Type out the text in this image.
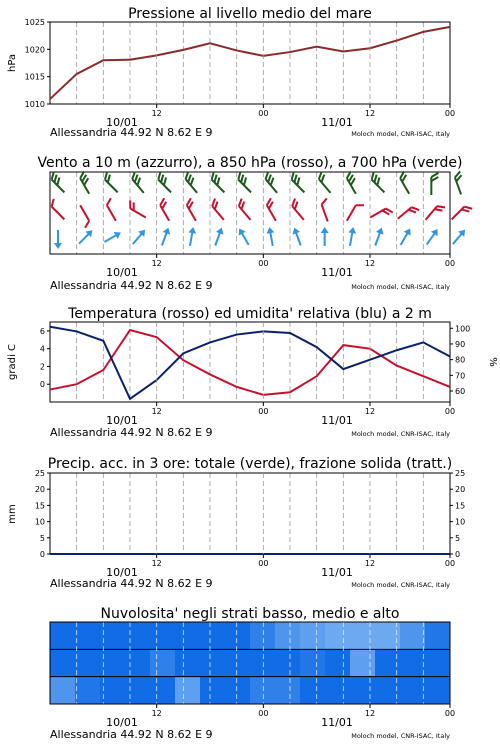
Pressione al livello medio del mare
hPa
Allessandria 44.92 N 8.62 E 9	Moloch model, CNR-ISAC, Italy
Vento a 10 m (azzurro), a 850 hPa (rosso), a 700 hPa (verde)
Allessandria 44.92 N 8.62 E 9	Moloch model, CNR-ISAC, Italy
Temperatura (rosso) ed umidita' relativa (blu) a 2 m
gradi C	%
Allessandria 44.92 N 8.62 E 9	Moloch model, CNR-ISAC, Italy
Precip. acc. in 3 ore: totale (verde), frazione solida (tratt.)
mm
Allessandria 44.92 N 8.62 E 9	Moloch model, CNR-ISAC, Italy
Nuvolosita' negli strati basso, medio e alto
Allessandria 44.92 N 8.62 E 9	Moloch model, CNR-ISAC, Italy
12	00	12	00
10/01	11/01
1010
1015
1020
1025
12	00	12	00
10/01	11/01
12	00	12	00
10/01	11/01
0
2
4
6
60
70
80
90
100
12	00	12	00
10/01	11/01
0
5
10
15
20
25
0
5
10
15
20
25
12	00	12	00
10/01	11/01
